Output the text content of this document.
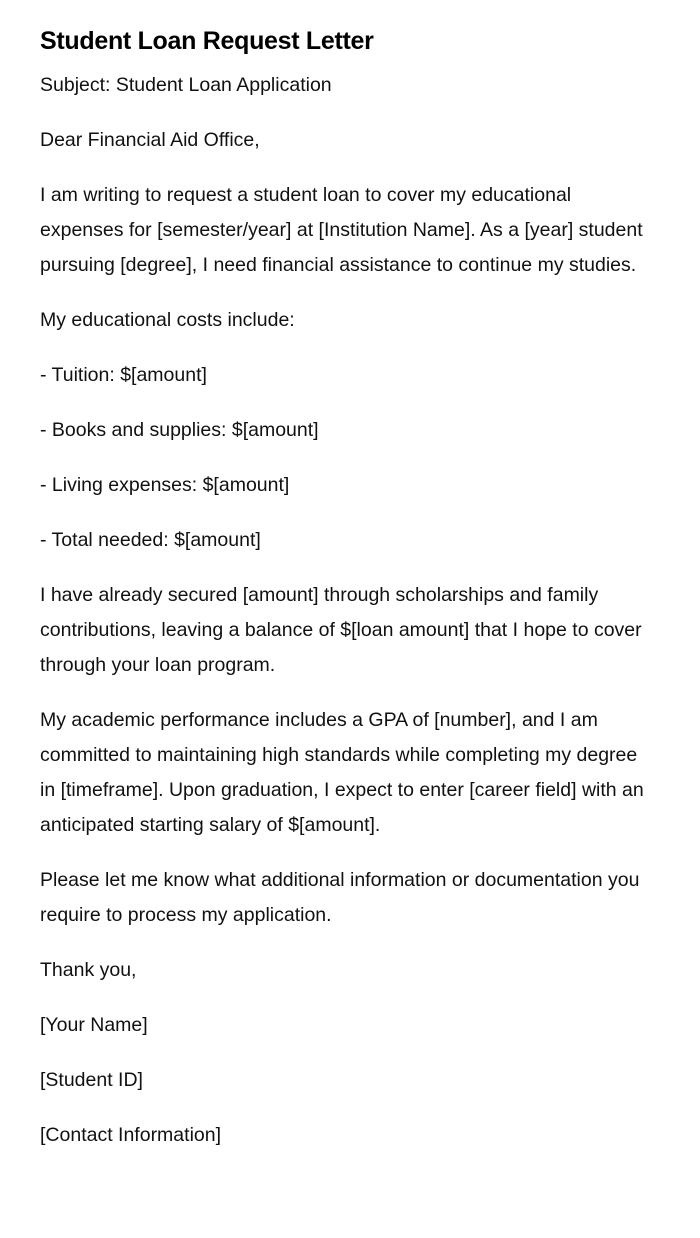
Student Loan Request Letter

Subject: Student Loan Application

Dear Financial Aid Office,

I am writing to request a student loan to cover my educational expenses for [semester/year] at [Institution Name]. As a [year] student pursuing [degree], I need financial assistance to continue my studies.

My educational costs include:

- Tuition: $[amount]

- Books and supplies: $[amount]

- Living expenses: $[amount]

- Total needed: $[amount]

I have already secured [amount] through scholarships and family contributions, leaving a balance of $[loan amount] that I hope to cover through your loan program.

My academic performance includes a GPA of [number], and I am committed to maintaining high standards while completing my degree in [timeframe]. Upon graduation, I expect to enter [career field] with an anticipated starting salary of $[amount].

Please let me know what additional information or documentation you require to process my application.

Thank you,

[Your Name]

[Student ID]

[Contact Information]
